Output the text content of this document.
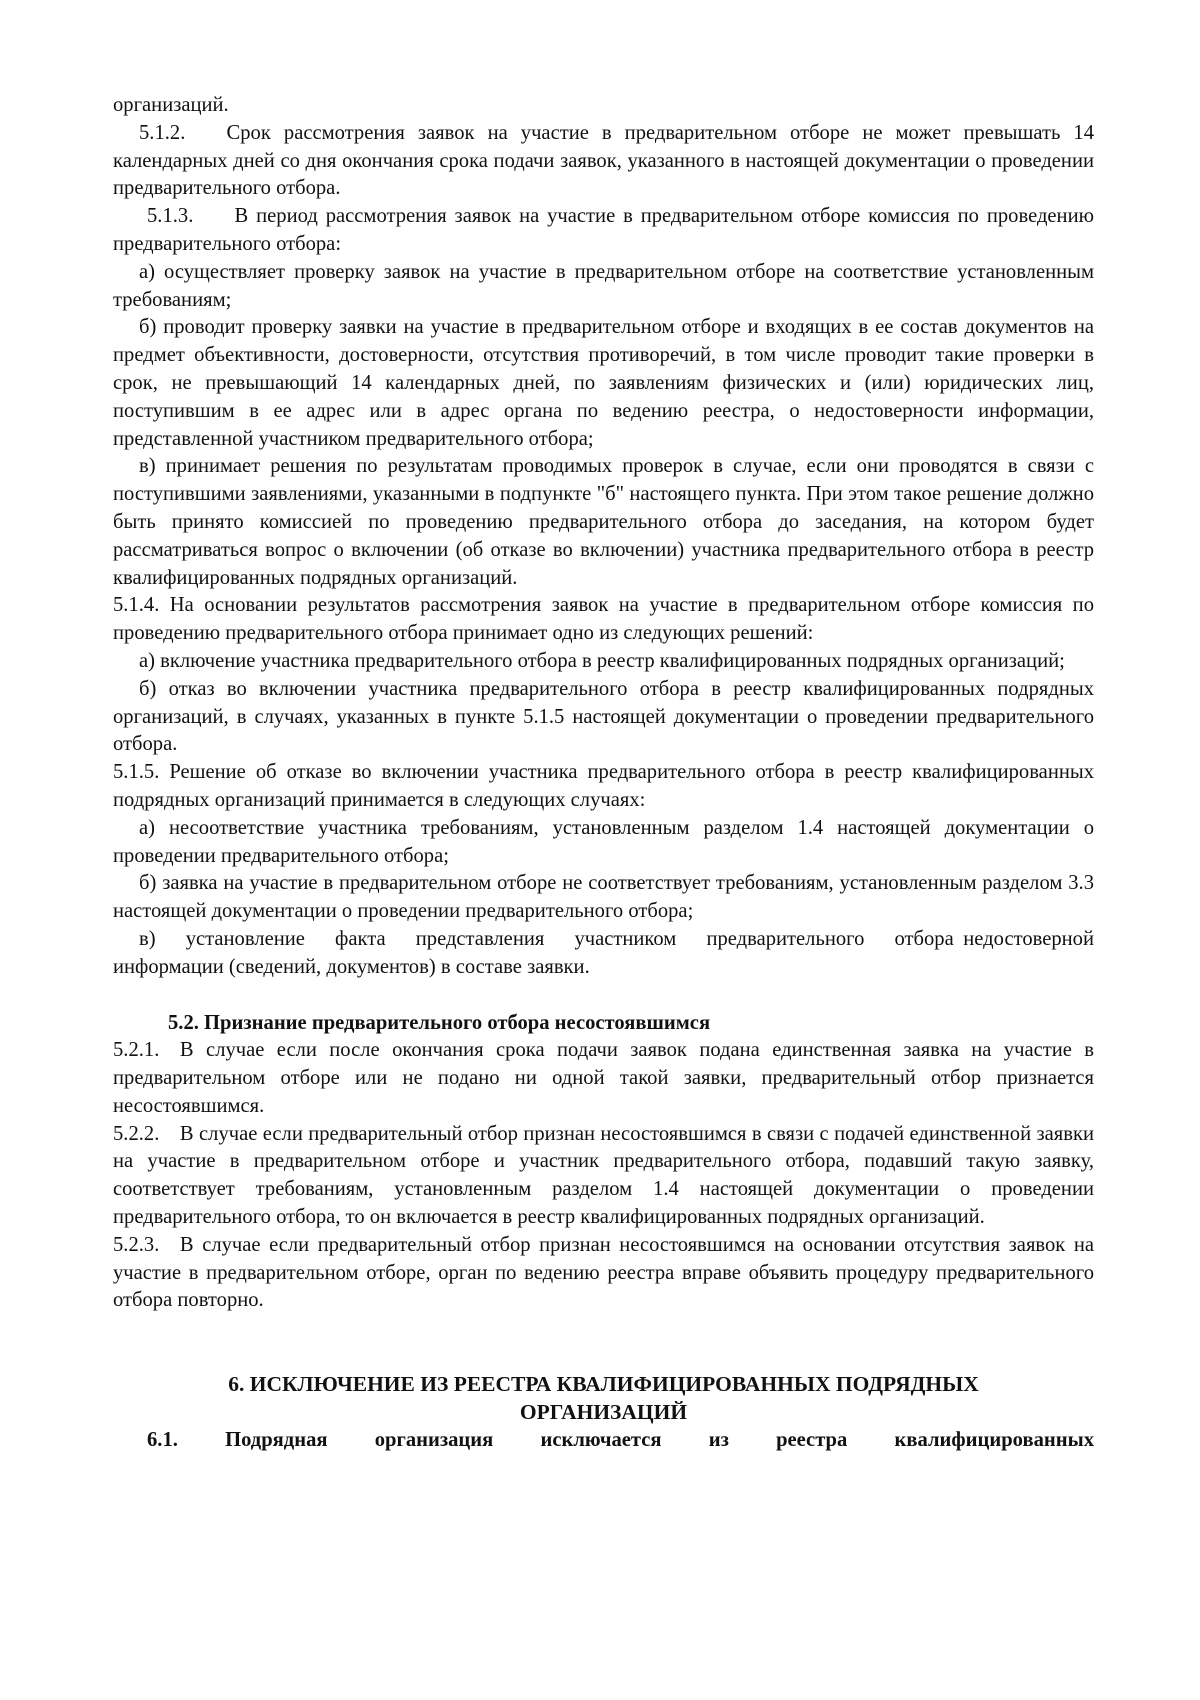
организаций.

5.1.2.  Срок рассмотрения заявок на участие в предварительном отборе не может превышать 14 календарных дней со дня окончания срока подачи заявок, указанного в настоящей документации о проведении предварительного отбора.

5.1.3.  В период рассмотрения заявок на участие в предварительном отборе комиссия по проведению предварительного отбора:

а) осуществляет проверку заявок на участие в предварительном отборе на соответствие установленным требованиям;

б) проводит проверку заявки на участие в предварительном отборе и входящих в ее состав документов на предмет объективности, достоверности, отсутствия противоречий, в том числе проводит такие проверки в срок, не превышающий 14 календарных дней, по заявлениям физических и (или) юридических лиц, поступившим в ее адрес или в адрес органа по ведению реестра, о недостоверности информации, представленной участником предварительного отбора;

в) принимает решения по результатам проводимых проверок в случае, если они проводятся в связи с поступившими заявлениями, указанными в подпункте "б" настоящего пункта. При этом такое решение должно быть принято комиссией по проведению предварительного отбора до заседания, на котором будет рассматриваться вопрос о включении (об отказе во включении) участника предварительного отбора в реестр квалифицированных подрядных организаций.

5.1.4. На основании результатов рассмотрения заявок на участие в предварительном отборе комиссия по проведению предварительного отбора принимает одно из следующих решений:

а) включение участника предварительного отбора в реестр квалифицированных подрядных организаций;

б) отказ во включении участника предварительного отбора в реестр квалифицированных подрядных организаций, в случаях, указанных в пункте 5.1.5 настоящей документации о проведении предварительного отбора.

5.1.5. Решение об отказе во включении участника предварительного отбора в реестр квалифицированных подрядных организаций принимается в следующих случаях:

а) несоответствие участника требованиям, установленным разделом 1.4 настоящей документации о проведении предварительного отбора;

б) заявка на участие в предварительном отборе не соответствует требованиям, установленным разделом 3.3 настоящей документации о проведении предварительного отбора;

в)  установление  факта  представления  участником  предварительного  отбора недостоверной информации (сведений, документов) в составе заявки.

5.2. Признание предварительного отбора несостоявшимся

5.2.1. В случае если после окончания срока подачи заявок подана единственная заявка на участие в предварительном отборе или не подано ни одной такой заявки, предварительный отбор признается несостоявшимся.

5.2.2. В случае если предварительный отбор признан несостоявшимся в связи с подачей единственной заявки на участие в предварительном отборе и участник предварительного отбора, подавший такую заявку, соответствует требованиям, установленным разделом 1.4 настоящей документации о проведении предварительного отбора, то он включается в реестр квалифицированных подрядных организаций.

5.2.3. В случае если предварительный отбор признан несостоявшимся на основании отсутствия заявок на участие в предварительном отборе, орган по ведению реестра вправе объявить процедуру предварительного отбора повторно.

6. ИСКЛЮЧЕНИЕ ИЗ РЕЕСТРА КВАЛИФИЦИРОВАННЫХ ПОДРЯДНЫХ
ОРГАНИЗАЦИЙ

6.1. Подрядная организация исключается из реестра квалифицированных
